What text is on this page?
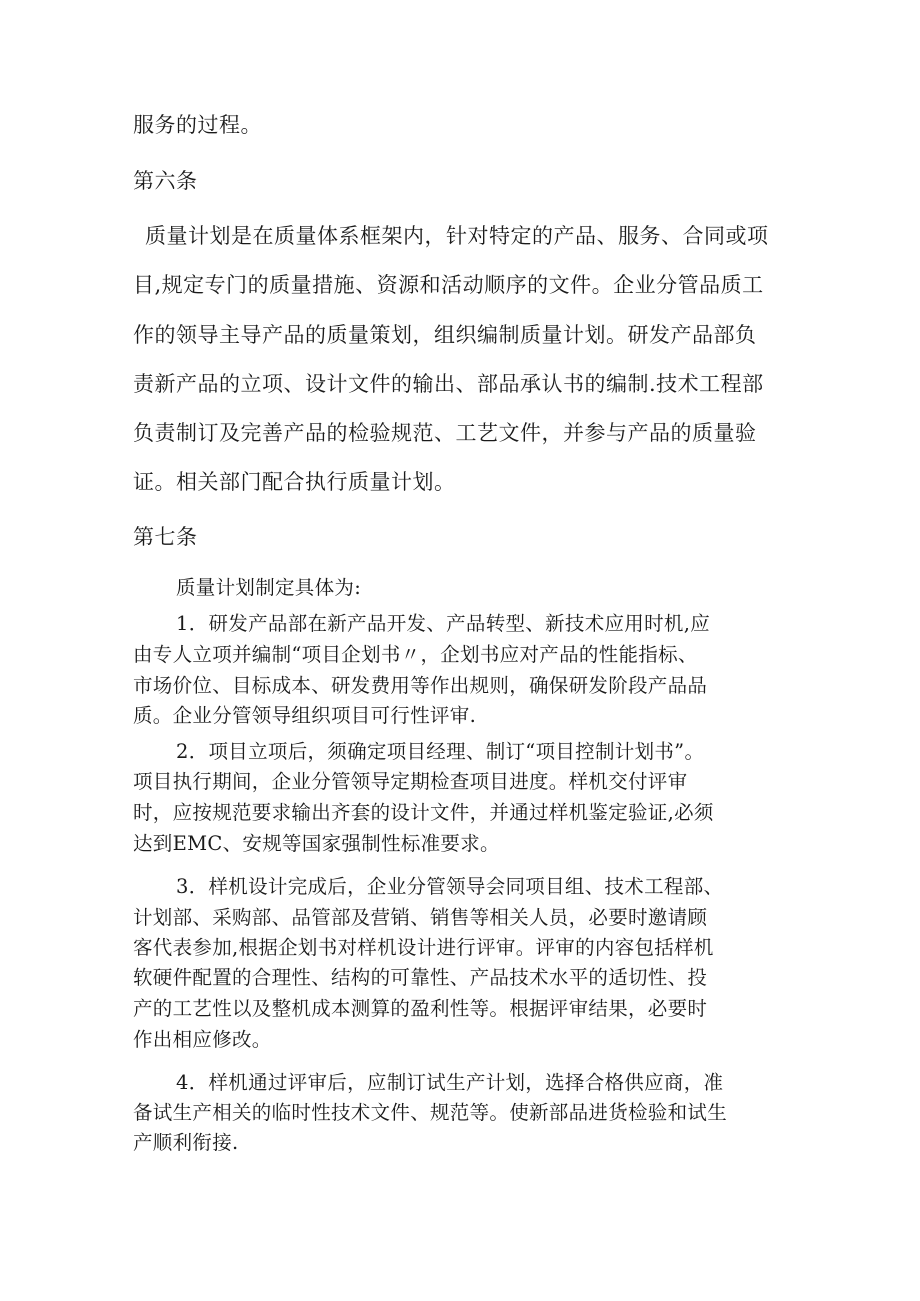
服务的过程。
第六条
质量计划是在质量体系框架内，针对特定的产品、服务、合同或项
目,规定专门的质量措施、资源和活动顺序的文件。企业分管品质工
作的领导主导产品的质量策划，组织编制质量计划。研发产品部负
责新产品的立项、设计文件的输出、部品承认书的编制.技术工程部
负责制订及完善产品的检验规范、工艺文件，并参与产品的质量验
证。相关部门配合执行质量计划。
第七条
质量计划制定具体为:
1．研发产品部在新产品开发、产品转型、新技术应用时机,应
由专人立项并编制“项目企划书〃，企划书应对产品的性能指标、
市场价位、目标成本、研发费用等作出规则，确保研发阶段产品品
质。企业分管领导组织项目可行性评审.
2．项目立项后，须确定项目经理、制订“项目控制计划书”。
项目执行期间，企业分管领导定期检查项目进度。样机交付评审
时，应按规范要求输出齐套的设计文件，并通过样机鉴定验证,必须
达到EMC、安规等国家强制性标准要求。
3．样机设计完成后，企业分管领导会同项目组、技术工程部、
计划部、采购部、品管部及营销、销售等相关人员，必要时邀请顾
客代表参加,根据企划书对样机设计进行评审。评审的内容包括样机
软硬件配置的合理性、结构的可靠性、产品技术水平的适切性、投
产的工艺性以及整机成本测算的盈利性等。根据评审结果，必要时
作出相应修改。
4．样机通过评审后，应制订试生产计划，选择合格供应商，准
备试生产相关的临时性技术文件、规范等。使新部品进货检验和试生
产顺利衔接.
